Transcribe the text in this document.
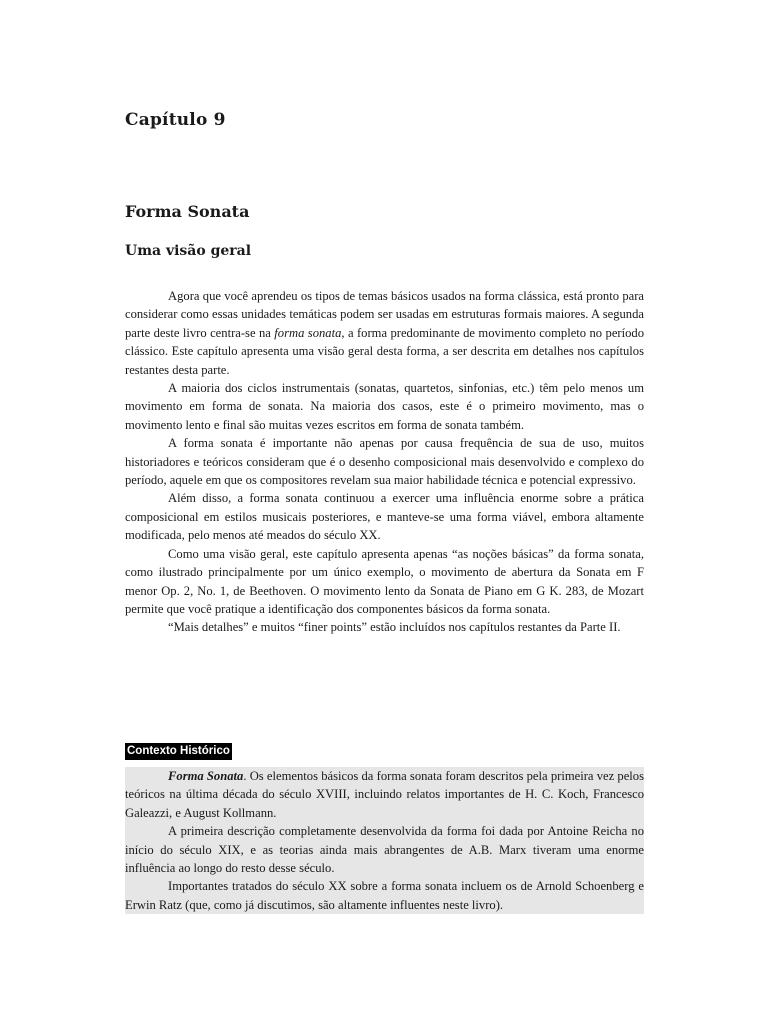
Capítulo 9
Forma Sonata
Uma visão geral

Agora que você aprendeu os tipos de temas básicos usados na forma clássica, está pronto para considerar como essas unidades temáticas podem ser usadas em estruturas formais maiores. A segunda parte deste livro centra-se na forma sonata, a forma predominante de movimento completo no período clássico. Este capítulo apresenta uma visão geral desta forma, a ser descrita em detalhes nos capítulos restantes desta parte.

A maioria dos ciclos instrumentais (sonatas, quartetos, sinfonias, etc.) têm pelo menos um movimento em forma de sonata. Na maioria dos casos, este é o primeiro movimento, mas o movimento lento e final são muitas vezes escritos em forma de sonata também.

A forma sonata é importante não apenas por causa frequência de sua de uso, muitos historiadores e teóricos consideram que é o desenho composicional mais desenvolvido e complexo do período, aquele em que os compositores revelam sua maior habilidade técnica e potencial expressivo.

Além disso, a forma sonata continuou a exercer uma influência enorme sobre a prática composicional em estilos musicais posteriores, e manteve-se uma forma viável, embora altamente modificada, pelo menos até meados do século XX.

Como uma visão geral, este capítulo apresenta apenas “as noções básicas” da forma sonata, como ilustrado principalmente por um único exemplo, o movimento de abertura da Sonata em F menor Op. 2, No. 1, de Beethoven. O movimento lento da Sonata de Piano em G K. 283, de Mozart permite que você pratique a identificação dos componentes básicos da forma sonata.

“Mais detalhes” e muitos “finer points” estão incluídos nos capítulos restantes da Parte II.

Contexto Histórico

Forma Sonata. Os elementos básicos da forma sonata foram descritos pela primeira vez pelos teóricos na última década do século XVIII, incluindo relatos importantes de H. C. Koch, Francesco Galeazzi, e August Kollmann.

A primeira descrição completamente desenvolvida da forma foi dada por Antoine Reicha no início do século XIX, e as teorias ainda mais abrangentes de A.B. Marx tiveram uma enorme influência ao longo do resto desse século.

Importantes tratados do século XX sobre a forma sonata incluem os de Arnold Schoenberg e Erwin Ratz (que, como já discutimos, são altamente influentes neste livro).
